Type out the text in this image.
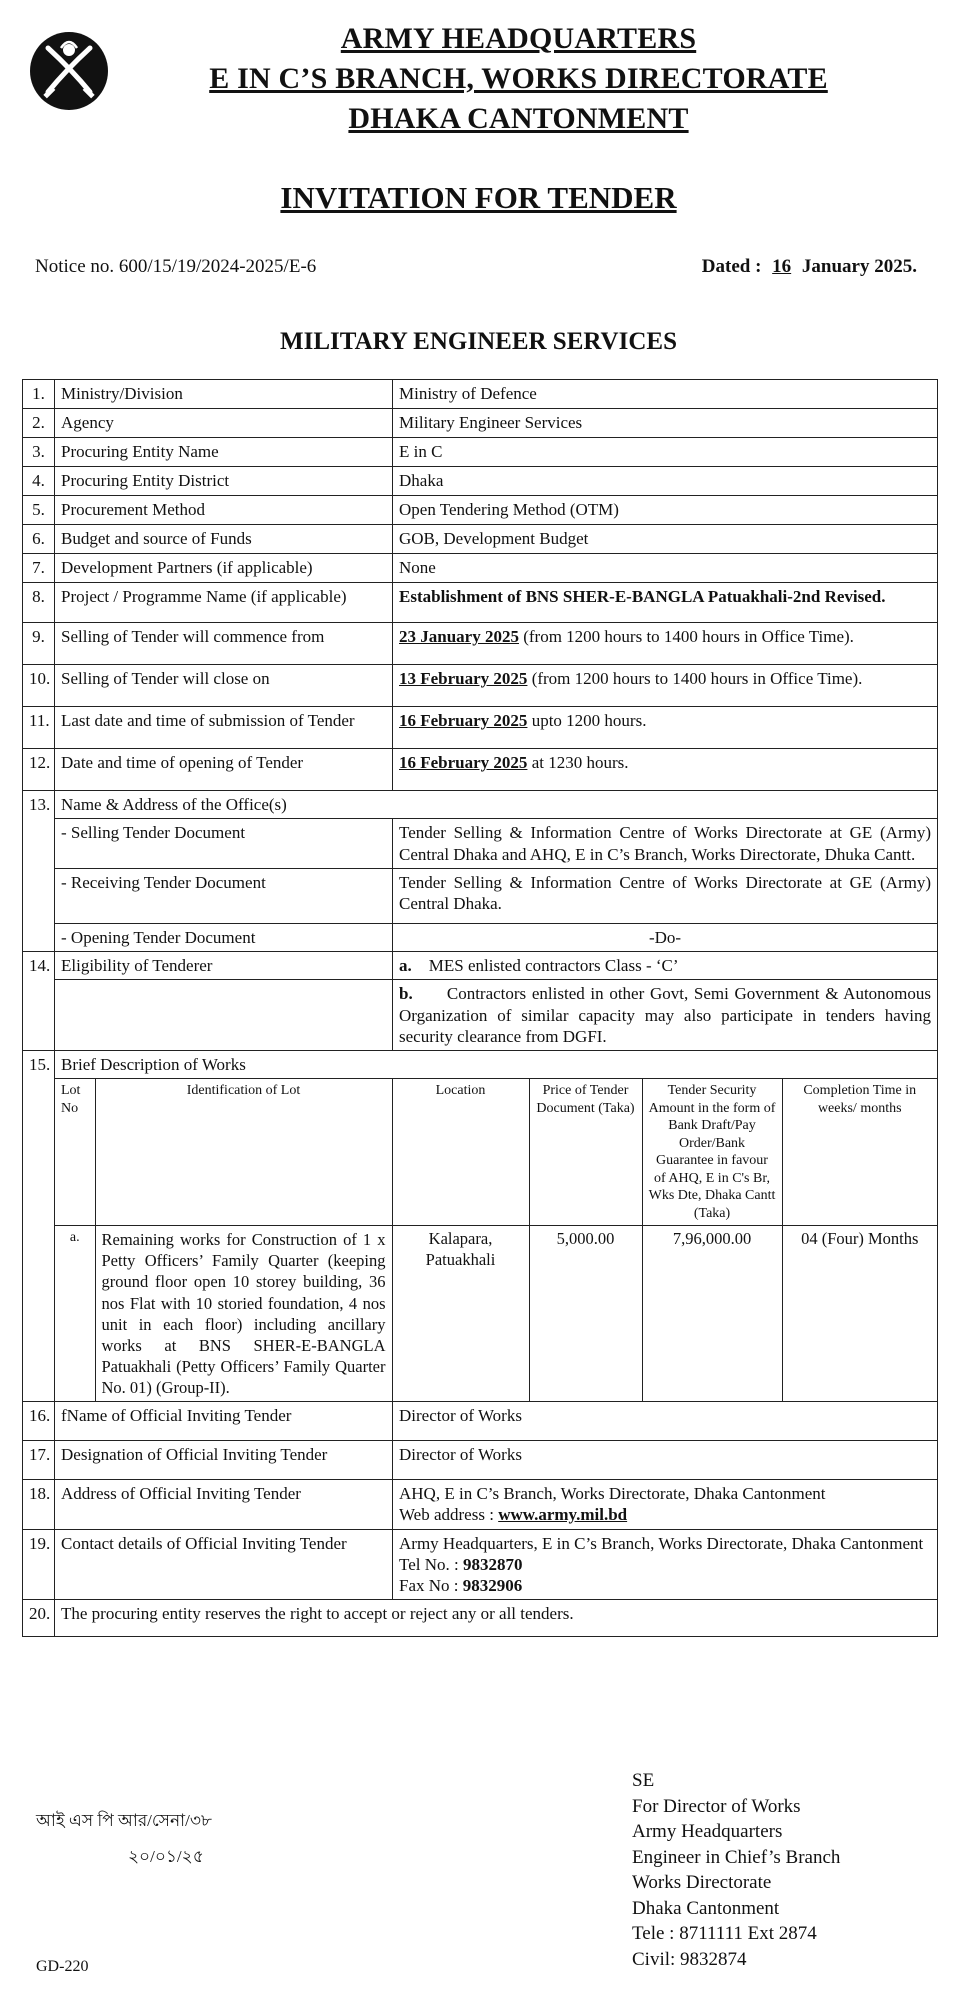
ARMY HEADQUARTERS
E IN C’S BRANCH, WORKS DIRECTORATE
DHAKA CANTONMENT
INVITATION FOR TENDER
Notice no. 600/15/19/2024-2025/E-6	Dated : 16 January 2025.
MILITARY ENGINEER SERVICES
1.	Ministry/Division	Ministry of Defence
2.	Agency	Military Engineer Services
3.	Procuring Entity Name	E in C
4.	Procuring Entity District	Dhaka
5.	Procurement Method	Open Tendering Method (OTM)
6.	Budget and source of Funds	GOB, Development Budget
7.	Development Partners (if applicable)	None
8.	Project / Programme Name (if applicable)	Establishment of BNS SHER-E-BANGLA Patuakhali-2nd Revised.
9.	Selling of Tender will commence from	23 January 2025 (from 1200 hours to 1400 hours in Office Time).
10.	Selling of Tender will close on	13 February 2025 (from 1200 hours to 1400 hours in Office Time).
11.	Last date and time of submission of Tender	16 February 2025 upto 1200 hours.
12.	Date and time of opening of Tender	16 February 2025 at 1230 hours.
13.	Name & Address of the Office(s)
- Selling Tender Document	Tender Selling & Information Centre of Works Directorate at GE (Army) Central Dhaka and AHQ, E in C’s Branch, Works Directorate, Dhuka Cantt.
- Receiving Tender Document	Tender Selling & Information Centre of Works Directorate at GE (Army) Central Dhaka.
- Opening Tender Document	-Do-
14.	Eligibility of Tenderer	a. MES enlisted contractors Class - ‘C’
	b. Contractors enlisted in other Govt, Semi Government & Autonomous Organization of similar capacity may also participate in tenders having security clearance from DGFI.
15.	Brief Description of Works
Lot No	Identification of Lot	Location	Price of Tender Document (Taka)	Tender Security Amount in the form of Bank Draft/Pay Order/Bank Guarantee in favour of AHQ, E in C's Br, Wks Dte, Dhaka Cantt (Taka)	Completion Time in weeks/ months
a.	Remaining works for Construction of 1 x Petty Officers’ Family Quarter (keeping ground floor open 10 storey building, 36 nos Flat with 10 storied foundation, 4 nos unit in each floor) including ancillary works at BNS SHER-E-BANGLA Patuakhali (Petty Officers’ Family Quarter No. 01) (Group-II).	Kalapara, Patuakhali	5,000.00	7,96,000.00	04 (Four) Months

16.	fName of Official Inviting Tender	Director of Works
17.	Designation of Official Inviting Tender	Director of Works
18.	Address of Official Inviting Tender	AHQ, E in C’s Branch, Works Directorate, Dhaka Cantonment
Web address : www.army.mil.bd

19.	Contact details of Official Inviting Tender	Army Headquarters, E in C’s Branch, Works Directorate, Dhaka Cantonment
Tel No. : 9832870
Fax No : 9832906

20.	The procuring entity reserves the right to accept or reject any or all tenders.
SE
For Director of Works
Army Headquarters
Engineer in Chief’s Branch
Works Directorate
Dhaka Cantonment
Tele : 8711111 Ext 2874
Civil: 9832874
আই এস পি আর/সেনা/৩৮
২০/০১/২৫
GD-220
